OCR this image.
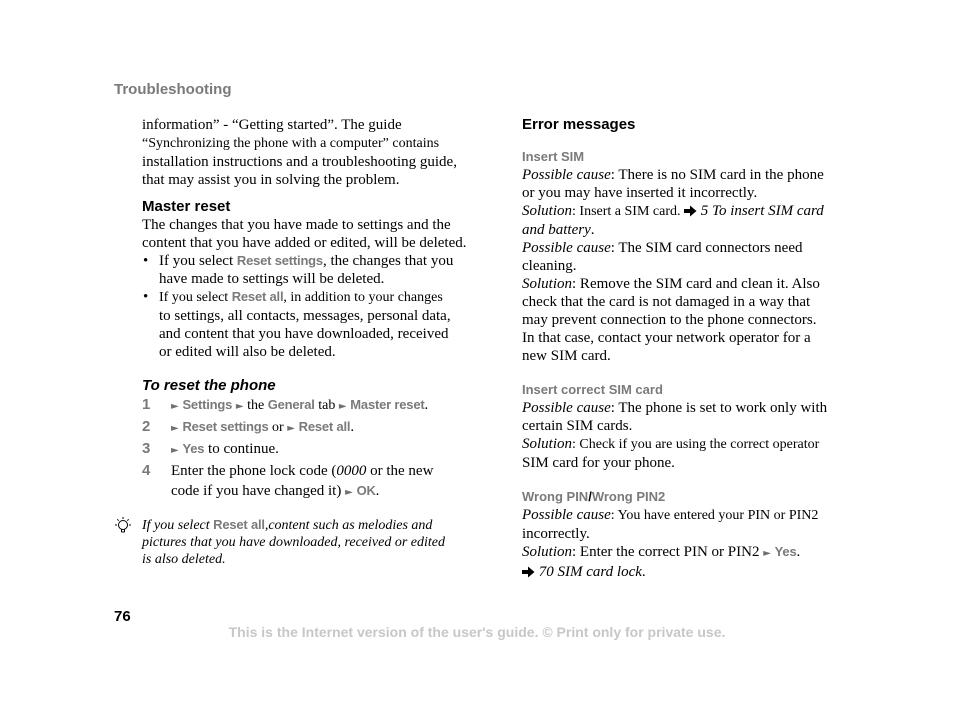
Troubleshooting

information” - “Getting started”. The guide
“Synchronizing the phone with a computer” contains
installation instructions and a troubleshooting guide,
that may assist you in solving the problem.

Master reset

The changes that you have made to settings and the
content that you have added or edited, will be deleted.

• If you select Reset settings, the changes that you
have made to settings will be deleted.
• If you select Reset all, in addition to your changes
to settings, all contacts, messages, personal data,
and content that you have downloaded, received
or edited will also be deleted.
To reset the phone
1 ► Settings ► the General tab ► Master reset.
2 ► Reset settings or ► Reset all.
3 ► Yes to continue.
4 Enter the phone lock code (0000 or the new
code if you have changed it) ► OK.
If you select Reset all,content such as melodies and
pictures that you have downloaded, received or edited
is also deleted.
Error messages
Insert SIM

Possible cause: There is no SIM card in the phone
or you may have inserted it incorrectly.
Solution: Insert a SIM card.  5 To insert SIM card
and battery.
Possible cause: The SIM card connectors need
cleaning.
Solution: Remove the SIM card and clean it. Also
check that the card is not damaged in a way that
may prevent connection to the phone connectors.
In that case, contact your network operator for a
new SIM card.

Insert correct SIM card

Possible cause: The phone is set to work only with
certain SIM cards.
Solution: Check if you are using the correct operator
SIM card for your phone.

Wrong PIN/Wrong PIN2

Possible cause: You have entered your PIN or PIN2
incorrectly.
Solution: Enter the correct PIN or PIN2 ► Yes.
70 SIM card lock.

76
This is the Internet version of the user's guide. © Print only for private use.
